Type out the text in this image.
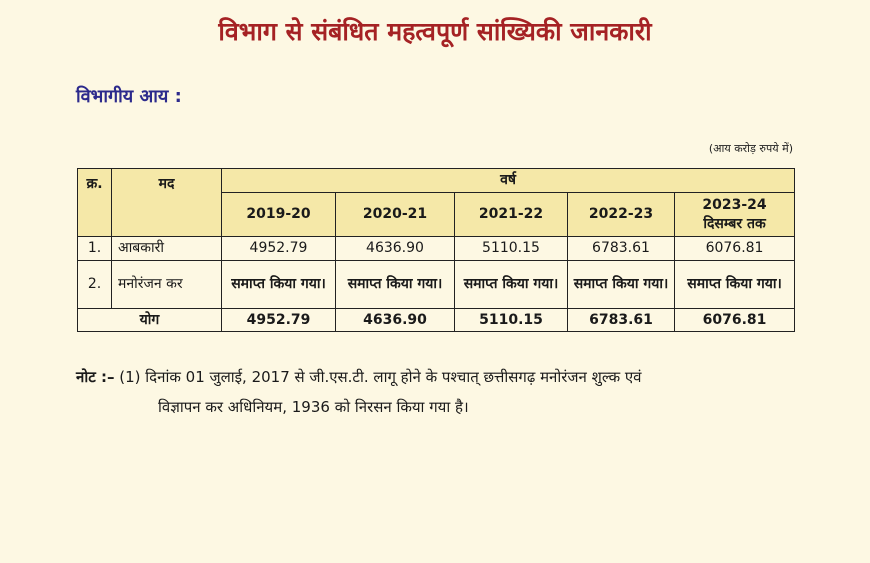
विभाग से संबंधित महत्वपूर्ण सांख्यिकी जानकारी
विभागीय आय :
(आय करोड़ रुपये में)
क्र.	मद	वर्ष				
		2019-20	2020-21	2021-22	2022-23	2023-24
दिसम्बर तक

1.	आबकारी	4952.79	4636.90	5110.15	6783.61	6076.81
2.	मनोरंजन कर	समाप्त किया गया।	समाप्त किया गया।	समाप्त किया गया।	समाप्त किया गया।	समाप्त किया गया।
योग		4952.79	4636.90	5110.15	6783.61	6076.81
नोट :– (1) दिनांक 01 जुलाई, 2017 से जी.एस.टी. लागू होने के पश्चात् छत्तीसगढ़ मनोरंजन शुल्क एवं
विज्ञापन कर अधिनियम, 1936 को निरसन किया गया है।
